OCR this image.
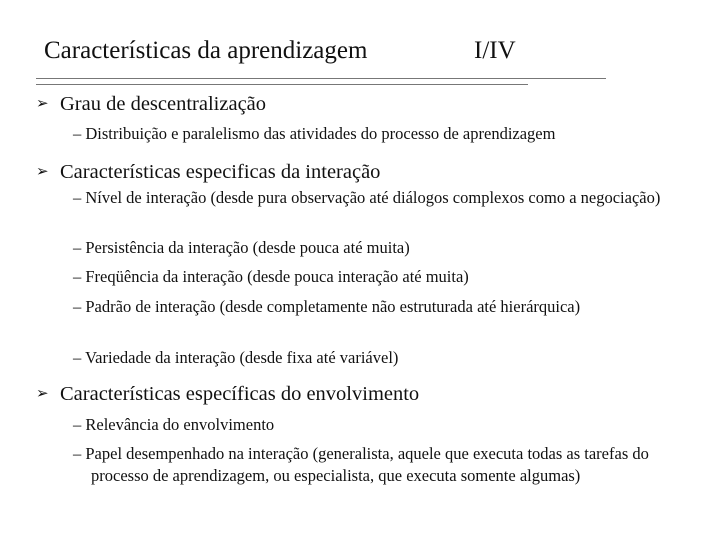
Características da aprendizagem	I/IV
➢ Grau de descentralização
– Distribuição e paralelismo das atividades do processo de aprendizagem
➢ Características especificas da interação
– Nível de interação (desde pura observação até diálogos complexos como a negociação)
– Persistência da interação (desde pouca até muita)
– Freqüência da interação (desde pouca interação até muita)
– Padrão de interação (desde completamente não estruturada até hierárquica)
– Variedade da interação (desde fixa até variável)
➢ Características específicas do envolvimento
– Relevância do envolvimento
– Papel desempenhado na interação (generalista, aquele que executa todas as tarefas do processo de aprendizagem, ou especialista, que executa somente algumas)
